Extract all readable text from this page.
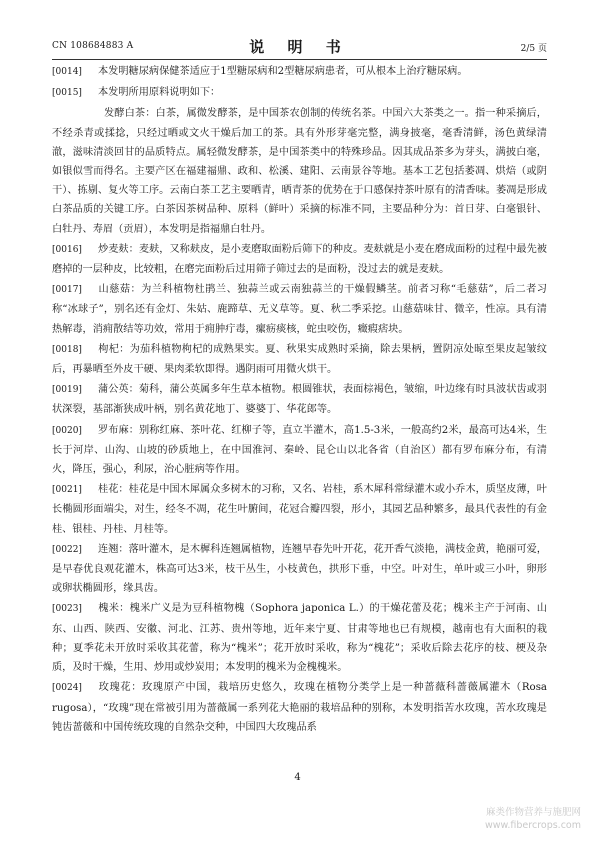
CN 108684883 A	说 明 书	2/5 页

[0014] 本发明糖尿病保健茶适应于1型糖尿病和2型糖尿病患者，可从根本上治疗糖尿病。

[0015] 本发明所用原料说明如下：

发酵白茶：白茶，属微发酵茶，是中国茶农创制的传统名茶。中国六大茶类之一。指一种采摘后，不经杀青或揉捻，只经过晒或文火干燥后加工的茶。具有外形芽毫完整，满身披毫，毫香清鲜，汤色黄绿清澈，滋味清淡回甘的品质特点。属轻微发酵茶，是中国茶类中的特殊珍品。因其成品茶多为芽头，满披白毫，如银似雪而得名。主要产区在福建福鼎、政和、松溪、建阳、云南景谷等地。基本工艺包括萎凋、烘焙（或阴干）、拣剔、复火等工序。云南白茶工艺主要晒青，晒青茶的优势在于口感保持茶叶原有的清香味。萎凋是形成白茶品质的关键工序。白茶因茶树品种、原料（鲜叶）采摘的标准不同，主要品种分为：首日芽、白毫银针、白牡丹、寿眉（贡眉），本发明是指福鼎白牡丹。

[0016] 炒麦麸：麦麸，又称麸皮，是小麦磨取面粉后筛下的种皮。麦麸就是小麦在磨成面粉的过程中最先被磨掉的一层种皮，比较粗，在磨完面粉后过用筛子筛过去的是面粉，没过去的就是麦麸。

[0017] 山慈菇：为兰科植物杜鹃兰、独蒜兰或云南独蒜兰的干燥假鳞茎。前者习称“毛慈菇”，后二者习称“冰球子”，别名还有金灯、朱姑、鹿蹄草、无义草等。夏、秋二季采挖。山慈菇味甘、微辛，性凉。具有清热解毒，消痈散结等功效，常用于痈肿疔毒，瘰疬痰核，蛇虫咬伤，癥瘕痞块。

[0018] 枸杞：为茄科植物枸杞的成熟果实。夏、秋果实成熟时采摘，除去果柄，置阴凉处晾至果皮起皱纹后，再暴晒至外皮干硬、果肉柔软即得。遇阴雨可用微火烘干。

[0019] 蒲公英：菊科，蒲公英属多年生草本植物。根圆锥状，表面棕褐色，皱缩，叶边缘有时具波状齿或羽状深裂，基部渐狭成叶柄，别名黄花地丁、婆婆丁、华花郎等。

[0020] 罗布麻：别称红麻、茶叶花、红柳子等，直立半灌木，高1.5-3米，一般高约2米，最高可达4米，生长于河岸、山沟、山坡的砂质地上，在中国淮河、秦岭、昆仑山以北各省（自治区）都有罗布麻分布，有清火，降压，强心，利尿，治心脏病等作用。

[0021] 桂花：桂花是中国木犀属众多树木的习称，又名、岩桂，系木犀科常绿灌木或小乔木，质坚皮薄，叶长椭圆形面端尖，对生，经冬不凋，花生叶腑间，花冠合瓣四裂，形小，其园艺品种繁多，最具代表性的有金桂、银桂、丹桂、月桂等。

[0022] 连翘：落叶灌木，是木樨科连翘属植物，连翘早春先叶开花，花开香气淡艳，满枝金黄，艳丽可爱，是早春优良观花灌木，株高可达3米，枝干丛生，小枝黄色，拱形下垂，中空。叶对生，单叶或三小叶，卵形或卵状椭圆形，缘具齿。

[0023] 槐米：槐米广义是为豆科植物槐（Sophora japonica L.）的干燥花蕾及花；槐米主产于河南、山东、山西、陕西、安徽、河北、江苏、贵州等地，近年来宁夏、甘肃等地也已有规模，越南也有大面积的栽种；夏季花未开放时采收其花蕾，称为“槐米”；花开放时采收，称为“槐花”；采收后除去花序的枝、梗及杂质，及时干燥，生用、炒用或炒炭用；本发明的槐米为金槐槐米。

[0024] 玫瑰花：玫瑰原产中国，栽培历史悠久，玫瑰在植物分类学上是一种蔷薇科蔷薇属灌木（Rosa rugosa），“玫瑰”现在常被引用为蔷薇属一系列花大艳丽的栽培品种的别称，本发明指苦水玫瑰，苦水玫瑰是钝齿蔷薇和中国传统玫瑰的自然杂交种，中国四大玫瑰品系

4
麻类作物营养与施肥网
www.fibercrops.com
